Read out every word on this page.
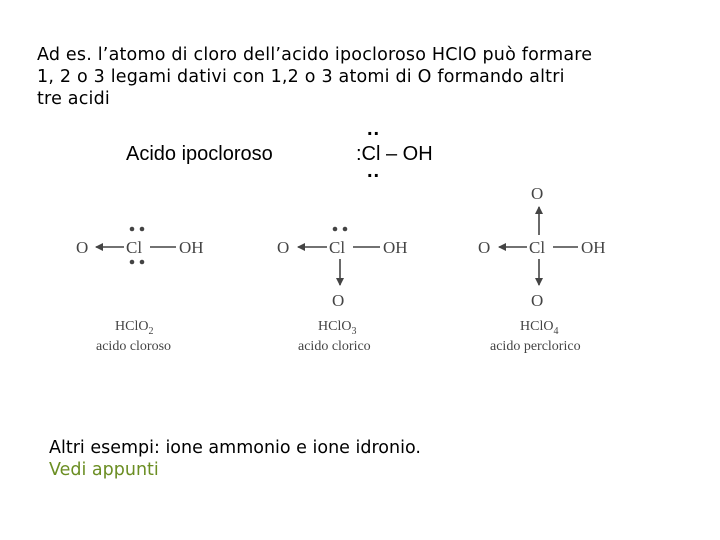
Ad es. l’atomo di cloro dell’acido ipocloroso HClO può formare
1, 2 o 3 legami dativi con 1,2 o 3 atomi di O formando altri
tre acidi
Acido ipocloroso
..
:Cl – OH
..
O Cl OH
HClO$_2$
acido cloroso
O Cl OH
O
HClO$_3$
acido clorico
O
O Cl OH
O
HClO$_4$
acido perclorico
Altri esempi: ione ammonio e ione idronio.
Vedi appunti
